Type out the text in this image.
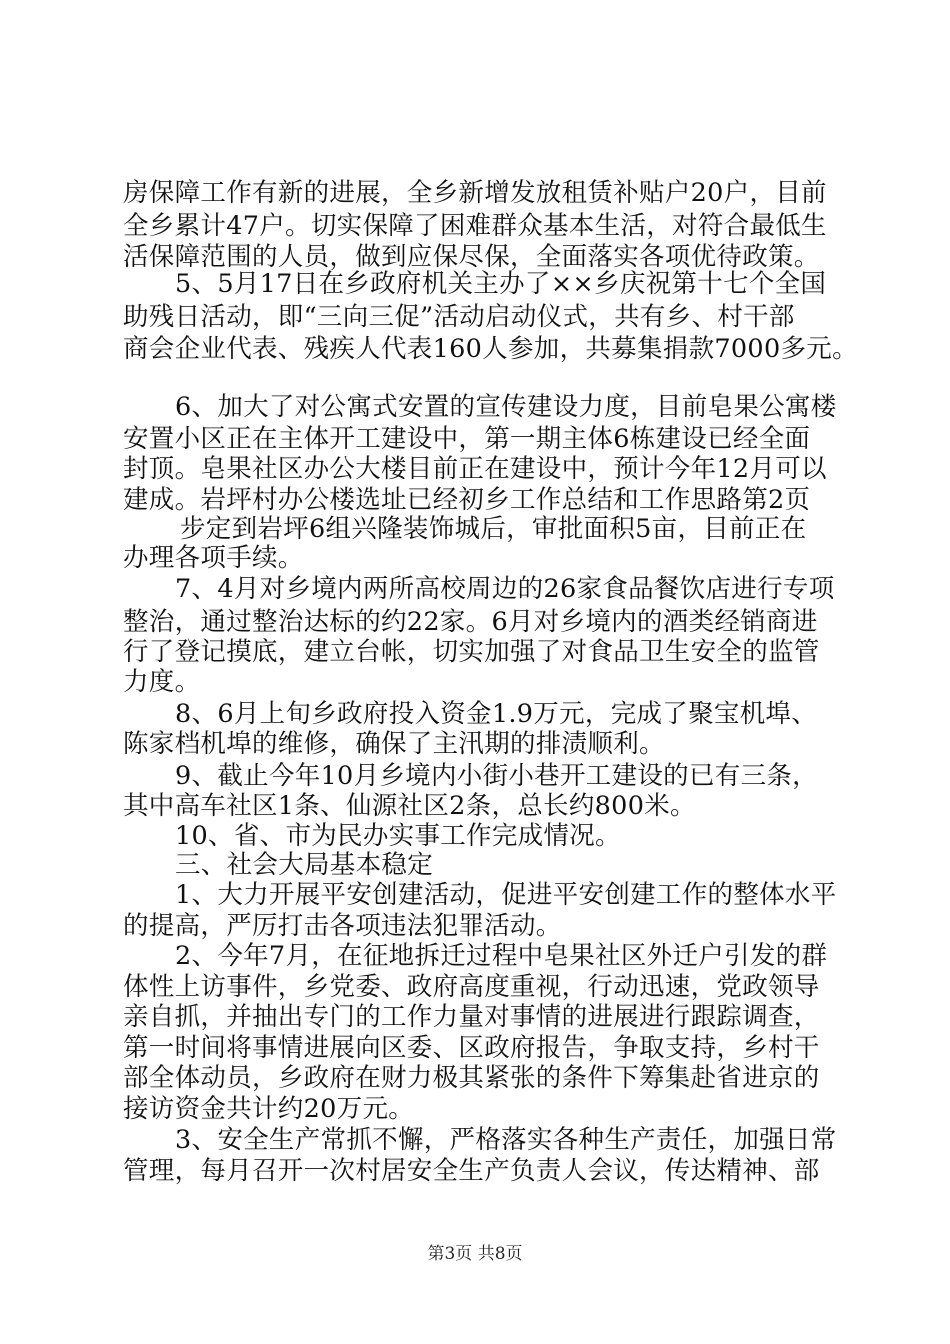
房保障工作有新的进展，全乡新增发放租赁补贴户20户，目前
全乡累计47户。切实保障了困难群众基本生活，对符合最低生
活保障范围的人员，做到应保尽保，全面落实各项优待政策。
5、5月17日在乡政府机关主办了××乡庆祝第十七个全国
助残日活动，即“三向三促”活动启动仪式，共有乡、村干部
商会企业代表、残疾人代表160人参加，共募集捐款7000多元。
6、加大了对公寓式安置的宣传建设力度，目前皂果公寓楼
安置小区正在主体开工建设中，第一期主体6栋建设已经全面
封顶。皂果社区办公大楼目前正在建设中，预计今年12月可以
建成。岩坪村办公楼选址已经初乡工作总结和工作思路第2页
步定到岩坪6组兴隆装饰城后，审批面积5亩，目前正在
办理各项手续。
7、4月对乡境内两所高校周边的26家食品餐饮店进行专项
整治，通过整治达标的约22家。6月对乡境内的酒类经销商进
行了登记摸底，建立台帐，切实加强了对食品卫生安全的监管
力度。
8、6月上旬乡政府投入资金1.9万元，完成了聚宝机埠、
陈家档机埠的维修，确保了主汛期的排渍顺利。
9、截止今年10月乡境内小街小巷开工建设的已有三条，
其中高车社区1条、仙源社区2条，总长约800米。
10、省、市为民办实事工作完成情况。
三、社会大局基本稳定
1、大力开展平安创建活动，促进平安创建工作的整体水平
的提高，严厉打击各项违法犯罪活动。
2、今年7月，在征地拆迁过程中皂果社区外迁户引发的群
体性上访事件，乡党委、政府高度重视，行动迅速，党政领导
亲自抓，并抽出专门的工作力量对事情的进展进行跟踪调查，
第一时间将事情进展向区委、区政府报告，争取支持，乡村干
部全体动员，乡政府在财力极其紧张的条件下筹集赴省进京的
接访资金共计约20万元。
3、安全生产常抓不懈，严格落实各种生产责任，加强日常
管理，每月召开一次村居安全生产负责人会议，传达精神、部
第3页 共8页
